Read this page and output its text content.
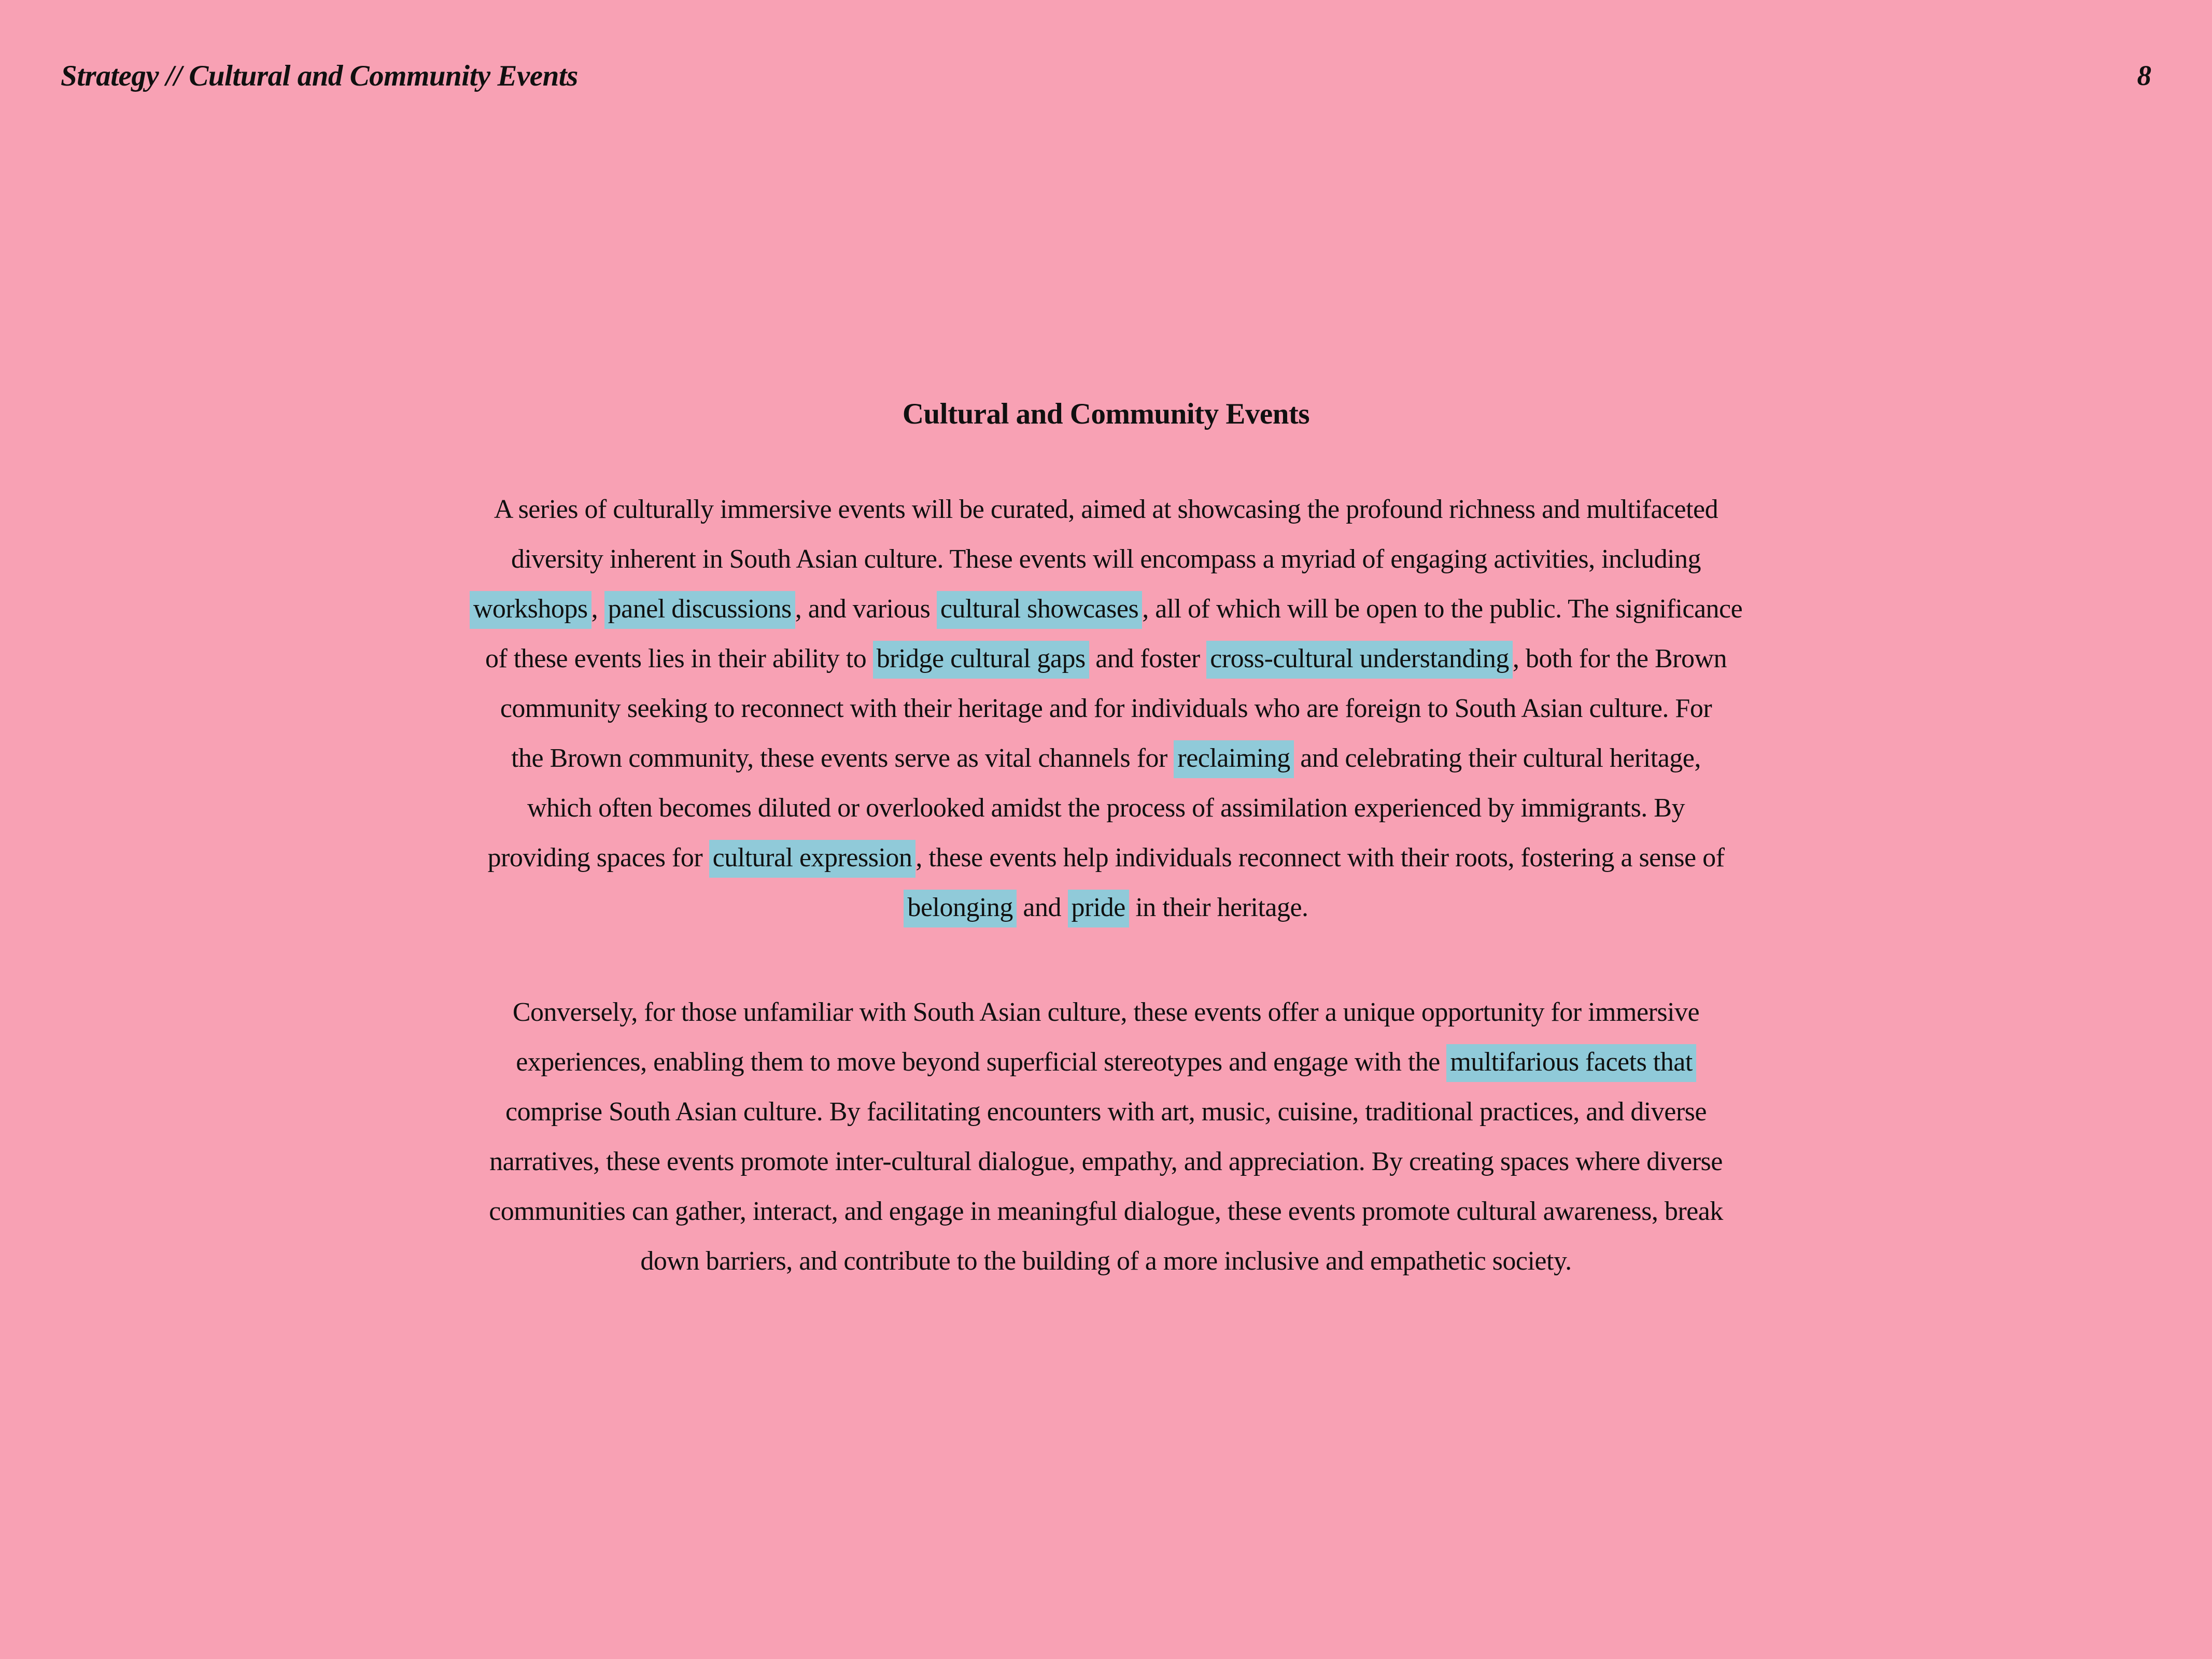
Strategy // Cultural and Community Events	8
Cultural and Community Events
A series of culturally immersive events will be curated, aimed at showcasing the profound richness and multifaceted
diversity inherent in South Asian culture. These events will encompass a myriad of engaging activities, including
workshops , panel discussions , and various cultural showcases , all of which will be open to the public. The significance
of these events lies in their ability to bridge cultural gaps and foster cross-cultural understanding , both for the Brown
community seeking to reconnect with their heritage and for individuals who are foreign to South Asian culture. For
the Brown community, these events serve as vital channels for reclaiming and celebrating their cultural heritage,
which often becomes diluted or overlooked amidst the process of assimilation experienced by immigrants. By
providing spaces for cultural expression , these events help individuals reconnect with their roots, fostering a sense of
belonging and pride in their heritage.
Conversely, for those unfamiliar with South Asian culture, these events offer a unique opportunity for immersive
experiences, enabling them to move beyond superficial stereotypes and engage with the multifarious facets that
comprise South Asian culture. By facilitating encounters with art, music, cuisine, traditional practices, and diverse
narratives, these events promote inter-cultural dialogue, empathy, and appreciation. By creating spaces where diverse
communities can gather, interact, and engage in meaningful dialogue, these events promote cultural awareness, break
down barriers, and contribute to the building of a more inclusive and empathetic society.
